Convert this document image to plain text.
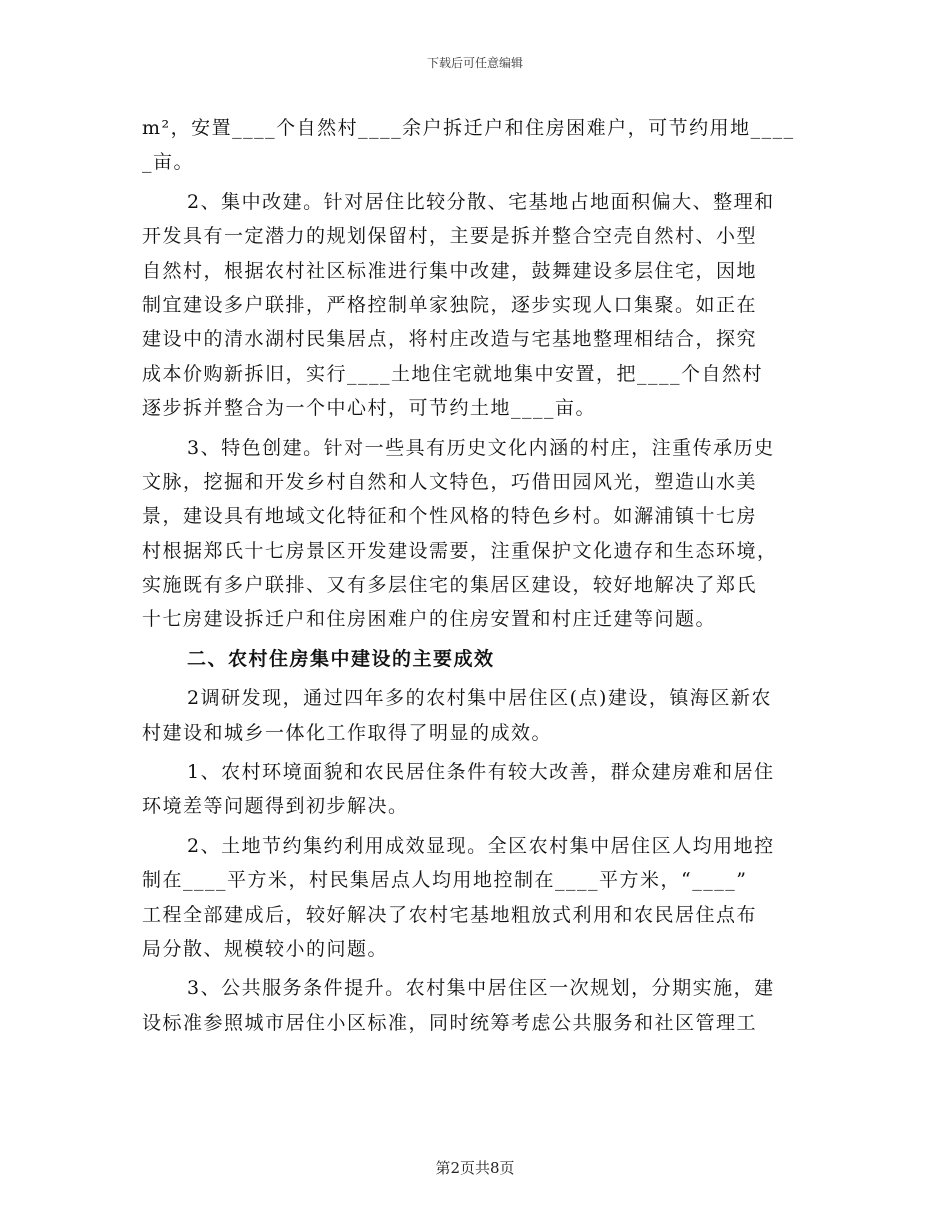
下载后可任意编辑
m²，安置____个自然村____余户拆迁户和住房困难户，可节约用地____
_亩。
2、集中改建。针对居住比较分散、宅基地占地面积偏大、整理和
开发具有一定潜力的规划保留村，主要是拆并整合空壳自然村、小型
自然村，根据农村社区标准进行集中改建，鼓舞建设多层住宅，因地
制宜建设多户联排，严格控制单家独院，逐步实现人口集聚。如正在
建设中的清水湖村民集居点，将村庄改造与宅基地整理相结合，探究
成本价购新拆旧，实行____土地住宅就地集中安置，把____个自然村
逐步拆并整合为一个中心村，可节约土地____亩。
3、特色创建。针对一些具有历史文化内涵的村庄，注重传承历史
文脉，挖掘和开发乡村自然和人文特色，巧借田园风光，塑造山水美
景，建设具有地域文化特征和个性风格的特色乡村。如澥浦镇十七房
村根据郑氏十七房景区开发建设需要，注重保护文化遗存和生态环境，
实施既有多户联排、又有多层住宅的集居区建设，较好地解决了郑氏
十七房建设拆迁户和住房困难户的住房安置和村庄迁建等问题。
二、农村住房集中建设的主要成效
2调研发现，通过四年多的农村集中居住区(点)建设，镇海区新农
村建设和城乡一体化工作取得了明显的成效。
1、农村环境面貌和农民居住条件有较大改善，群众建房难和居住
环境差等问题得到初步解决。
2、土地节约集约利用成效显现。全区农村集中居住区人均用地控
制在____平方米，村民集居点人均用地控制在____平方米，“____”
工程全部建成后，较好解决了农村宅基地粗放式利用和农民居住点布
局分散、规模较小的问题。
3、公共服务条件提升。农村集中居住区一次规划，分期实施，建
设标准参照城市居住小区标准，同时统筹考虑公共服务和社区管理工
第2页共8页
